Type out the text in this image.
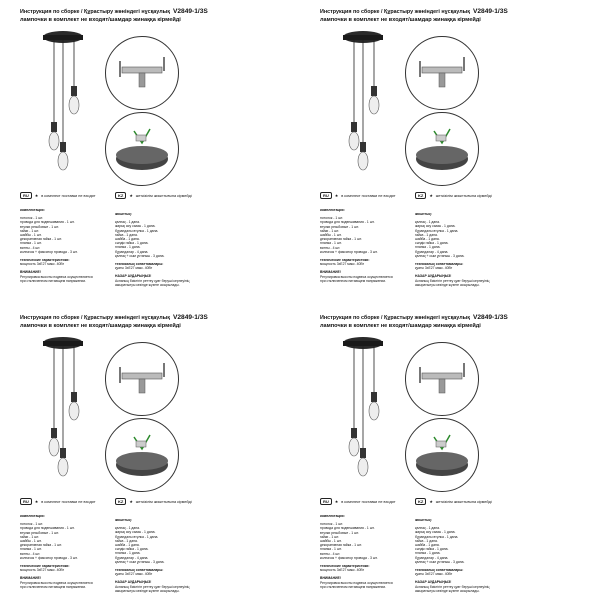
Инструкция по сборке / Құрастыру жөніндегі нұсқаулық V2849-1/3S
лампочки в комплект не входят/шамдар жинаққа кірмейді
RU	★ в комплект поставки не входят	KZ	★ жеткізілім жиынтығына кірмейді
комплектация:
потолок - 1 шт.
провода для подвешивания - 1 шт.
втулки резьбовые - 1 шт.
гайки - 1 шт.
шайбы - 1 шт.
декоративная гайка - 1 шт.
планка - 1 шт.
винты - 4 шт.
колпачок + фиксатор провода - 3 шт.
технические характеристики:
мощность 3xE27 макс. 40Вт
ВНИМАНИЕ!
Регулировка высоты подвеса осуществляется
при отключенном питающем напряжении.
жиынтық:
қалпақ - 1 дана.
жарық асу сымы - 1 дана.
бұрандалы втулка - 1 дана.
гайка - 1 дана.
шайба - 1 дана.
сәндік гайка - 1 дана.
планка - 1 дана.
бұрандалар - 4 дана.
қалпақ + сым ұстағыш - 3 дана.
техникалық сипаттамалары:
қуаты 3xE27 макс. 40Вт
НАЗАР АУДАРЫҢЫЗ!
Аспаның биіктігін реттеу қуат берушi кернеуiнiң
ажыратылуы кезінде жүзеге асырылады.
Инструкция по сборке / Құрастыру жөніндегі нұсқаулық V2849-1/3S
лампочки в комплект не входят/шамдар жинаққа кірмейді
RU	★ в комплект поставки не входят	KZ	★ жеткізілім жиынтығына кірмейді
комплектация:
потолок - 1 шт.
провода для подвешивания - 1 шт.
втулки резьбовые - 1 шт.
гайки - 1 шт.
шайбы - 1 шт.
декоративная гайка - 1 шт.
планка - 1 шт.
винты - 4 шт.
колпачок + фиксатор провода - 3 шт.
технические характеристики:
мощность 3xE27 макс. 40Вт
ВНИМАНИЕ!
Регулировка высоты подвеса осуществляется
при отключенном питающем напряжении.
жиынтық:
қалпақ - 1 дана.
жарық асу сымы - 1 дана.
бұрандалы втулка - 1 дана.
гайка - 1 дана.
шайба - 1 дана.
сәндік гайка - 1 дана.
планка - 1 дана.
бұрандалар - 4 дана.
қалпақ + сым ұстағыш - 3 дана.
техникалық сипаттамалары:
қуаты 3xE27 макс. 40Вт
НАЗАР АУДАРЫҢЫЗ!
Аспаның биіктігін реттеу қуат берушi кернеуiнiң
ажыратылуы кезінде жүзеге асырылады.
Инструкция по сборке / Құрастыру жөніндегі нұсқаулық V2849-1/3S
лампочки в комплект не входят/шамдар жинаққа кірмейді
RU	★ в комплект поставки не входят	KZ	★ жеткізілім жиынтығына кірмейді
комплектация:
потолок - 1 шт.
провода для подвешивания - 1 шт.
втулки резьбовые - 1 шт.
гайки - 1 шт.
шайбы - 1 шт.
декоративная гайка - 1 шт.
планка - 1 шт.
винты - 4 шт.
колпачок + фиксатор провода - 3 шт.
технические характеристики:
мощность 3xE27 макс. 40Вт
ВНИМАНИЕ!
Регулировка высоты подвеса осуществляется
при отключенном питающем напряжении.
жиынтық:
қалпақ - 1 дана.
жарық асу сымы - 1 дана.
бұрандалы втулка - 1 дана.
гайка - 1 дана.
шайба - 1 дана.
сәндік гайка - 1 дана.
планка - 1 дана.
бұрандалар - 4 дана.
қалпақ + сым ұстағыш - 3 дана.
техникалық сипаттамалары:
қуаты 3xE27 макс. 40Вт
НАЗАР АУДАРЫҢЫЗ!
Аспаның биіктігін реттеу қуат берушi кернеуiнiң
ажыратылуы кезінде жүзеге асырылады.
Инструкция по сборке / Құрастыру жөніндегі нұсқаулық V2849-1/3S
лампочки в комплект не входят/шамдар жинаққа кірмейді
RU	★ в комплект поставки не входят	KZ	★ жеткізілім жиынтығына кірмейді
комплектация:
потолок - 1 шт.
провода для подвешивания - 1 шт.
втулки резьбовые - 1 шт.
гайки - 1 шт.
шайбы - 1 шт.
декоративная гайка - 1 шт.
планка - 1 шт.
винты - 4 шт.
колпачок + фиксатор провода - 3 шт.
технические характеристики:
мощность 3xE27 макс. 40Вт
ВНИМАНИЕ!
Регулировка высоты подвеса осуществляется
при отключенном питающем напряжении.
жиынтық:
қалпақ - 1 дана.
жарық асу сымы - 1 дана.
бұрандалы втулка - 1 дана.
гайка - 1 дана.
шайба - 1 дана.
сәндік гайка - 1 дана.
планка - 1 дана.
бұрандалар - 4 дана.
қалпақ + сым ұстағыш - 3 дана.
техникалық сипаттамалары:
қуаты 3xE27 макс. 40Вт
НАЗАР АУДАРЫҢЫЗ!
Аспаның биіктігін реттеу қуат берушi кернеуiнiң
ажыратылуы кезінде жүзеге асырылады.
